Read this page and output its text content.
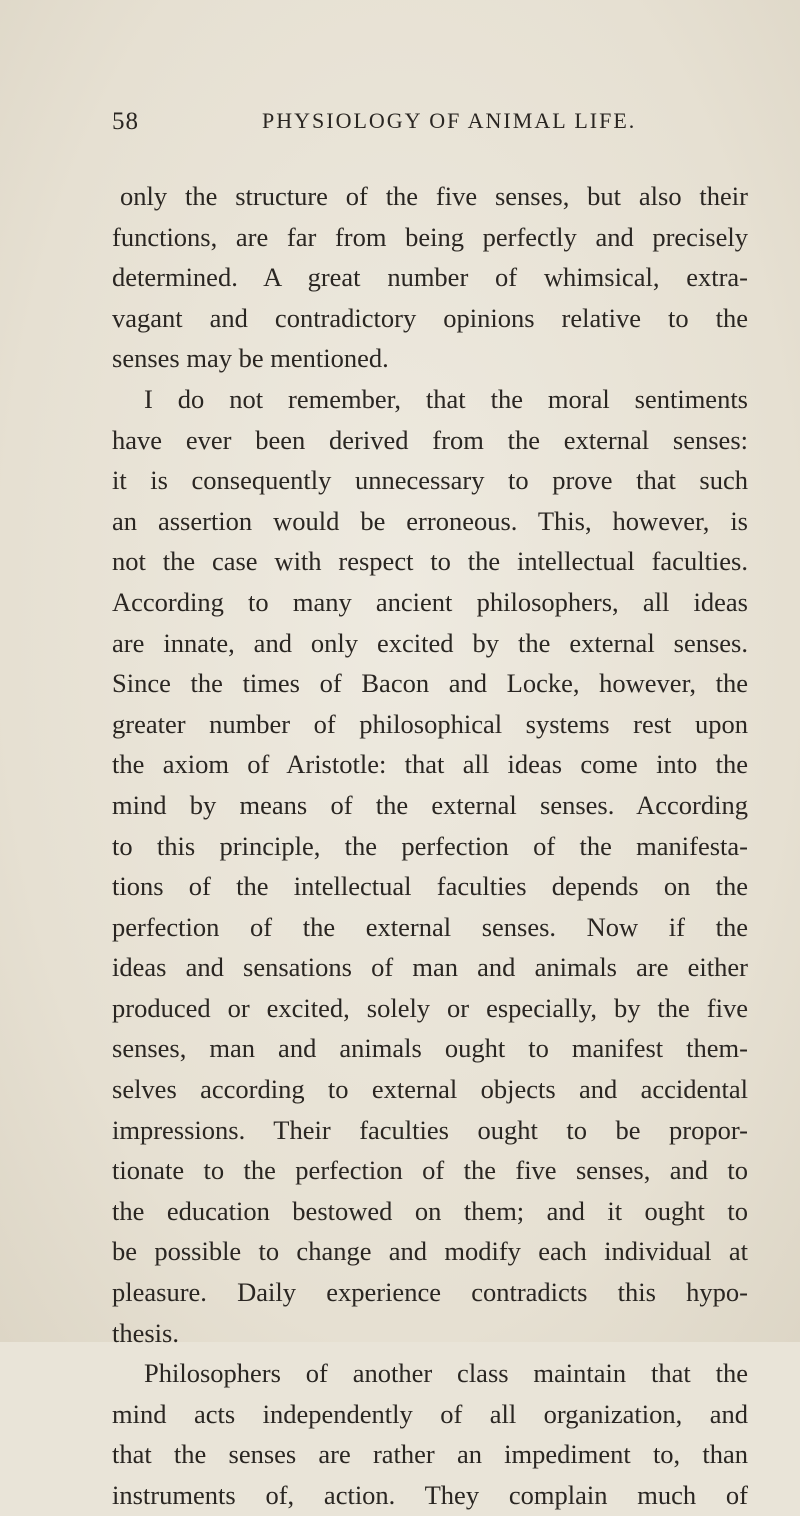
58	PHYSIOLOGY OF ANIMAL LIFE.
only the structure of the five senses, but also their
functions, are far from being perfectly and precisely
determined. A great number of whimsical, extra-
vagant and contradictory opinions relative to the
senses may be mentioned.
I do not remember, that the moral sentiments
have ever been derived from the external senses:
it is consequently unnecessary to prove that such
an assertion would be erroneous. This, however, is
not the case with respect to the intellectual faculties.
According to many ancient philosophers, all ideas
are innate, and only excited by the external senses.
Since the times of Bacon and Locke, however, the
greater number of philosophical systems rest upon
the axiom of Aristotle: that all ideas come into the
mind by means of the external senses. According
to this principle, the perfection of the manifesta-
tions of the intellectual faculties depends on the
perfection of the external senses. Now if the
ideas and sensations of man and animals are either
produced or excited, solely or especially, by the five
senses, man and animals ought to manifest them-
selves according to external objects and accidental
impressions. Their faculties ought to be propor-
tionate to the perfection of the five senses, and to
the education bestowed on them; and it ought to
be possible to change and modify each individual at
pleasure. Daily experience contradicts this hypo-
thesis.
Philosophers of another class maintain that the
mind acts independently of all organization, and
that the senses are rather an impediment to, than
instruments of, action. They complain much of
